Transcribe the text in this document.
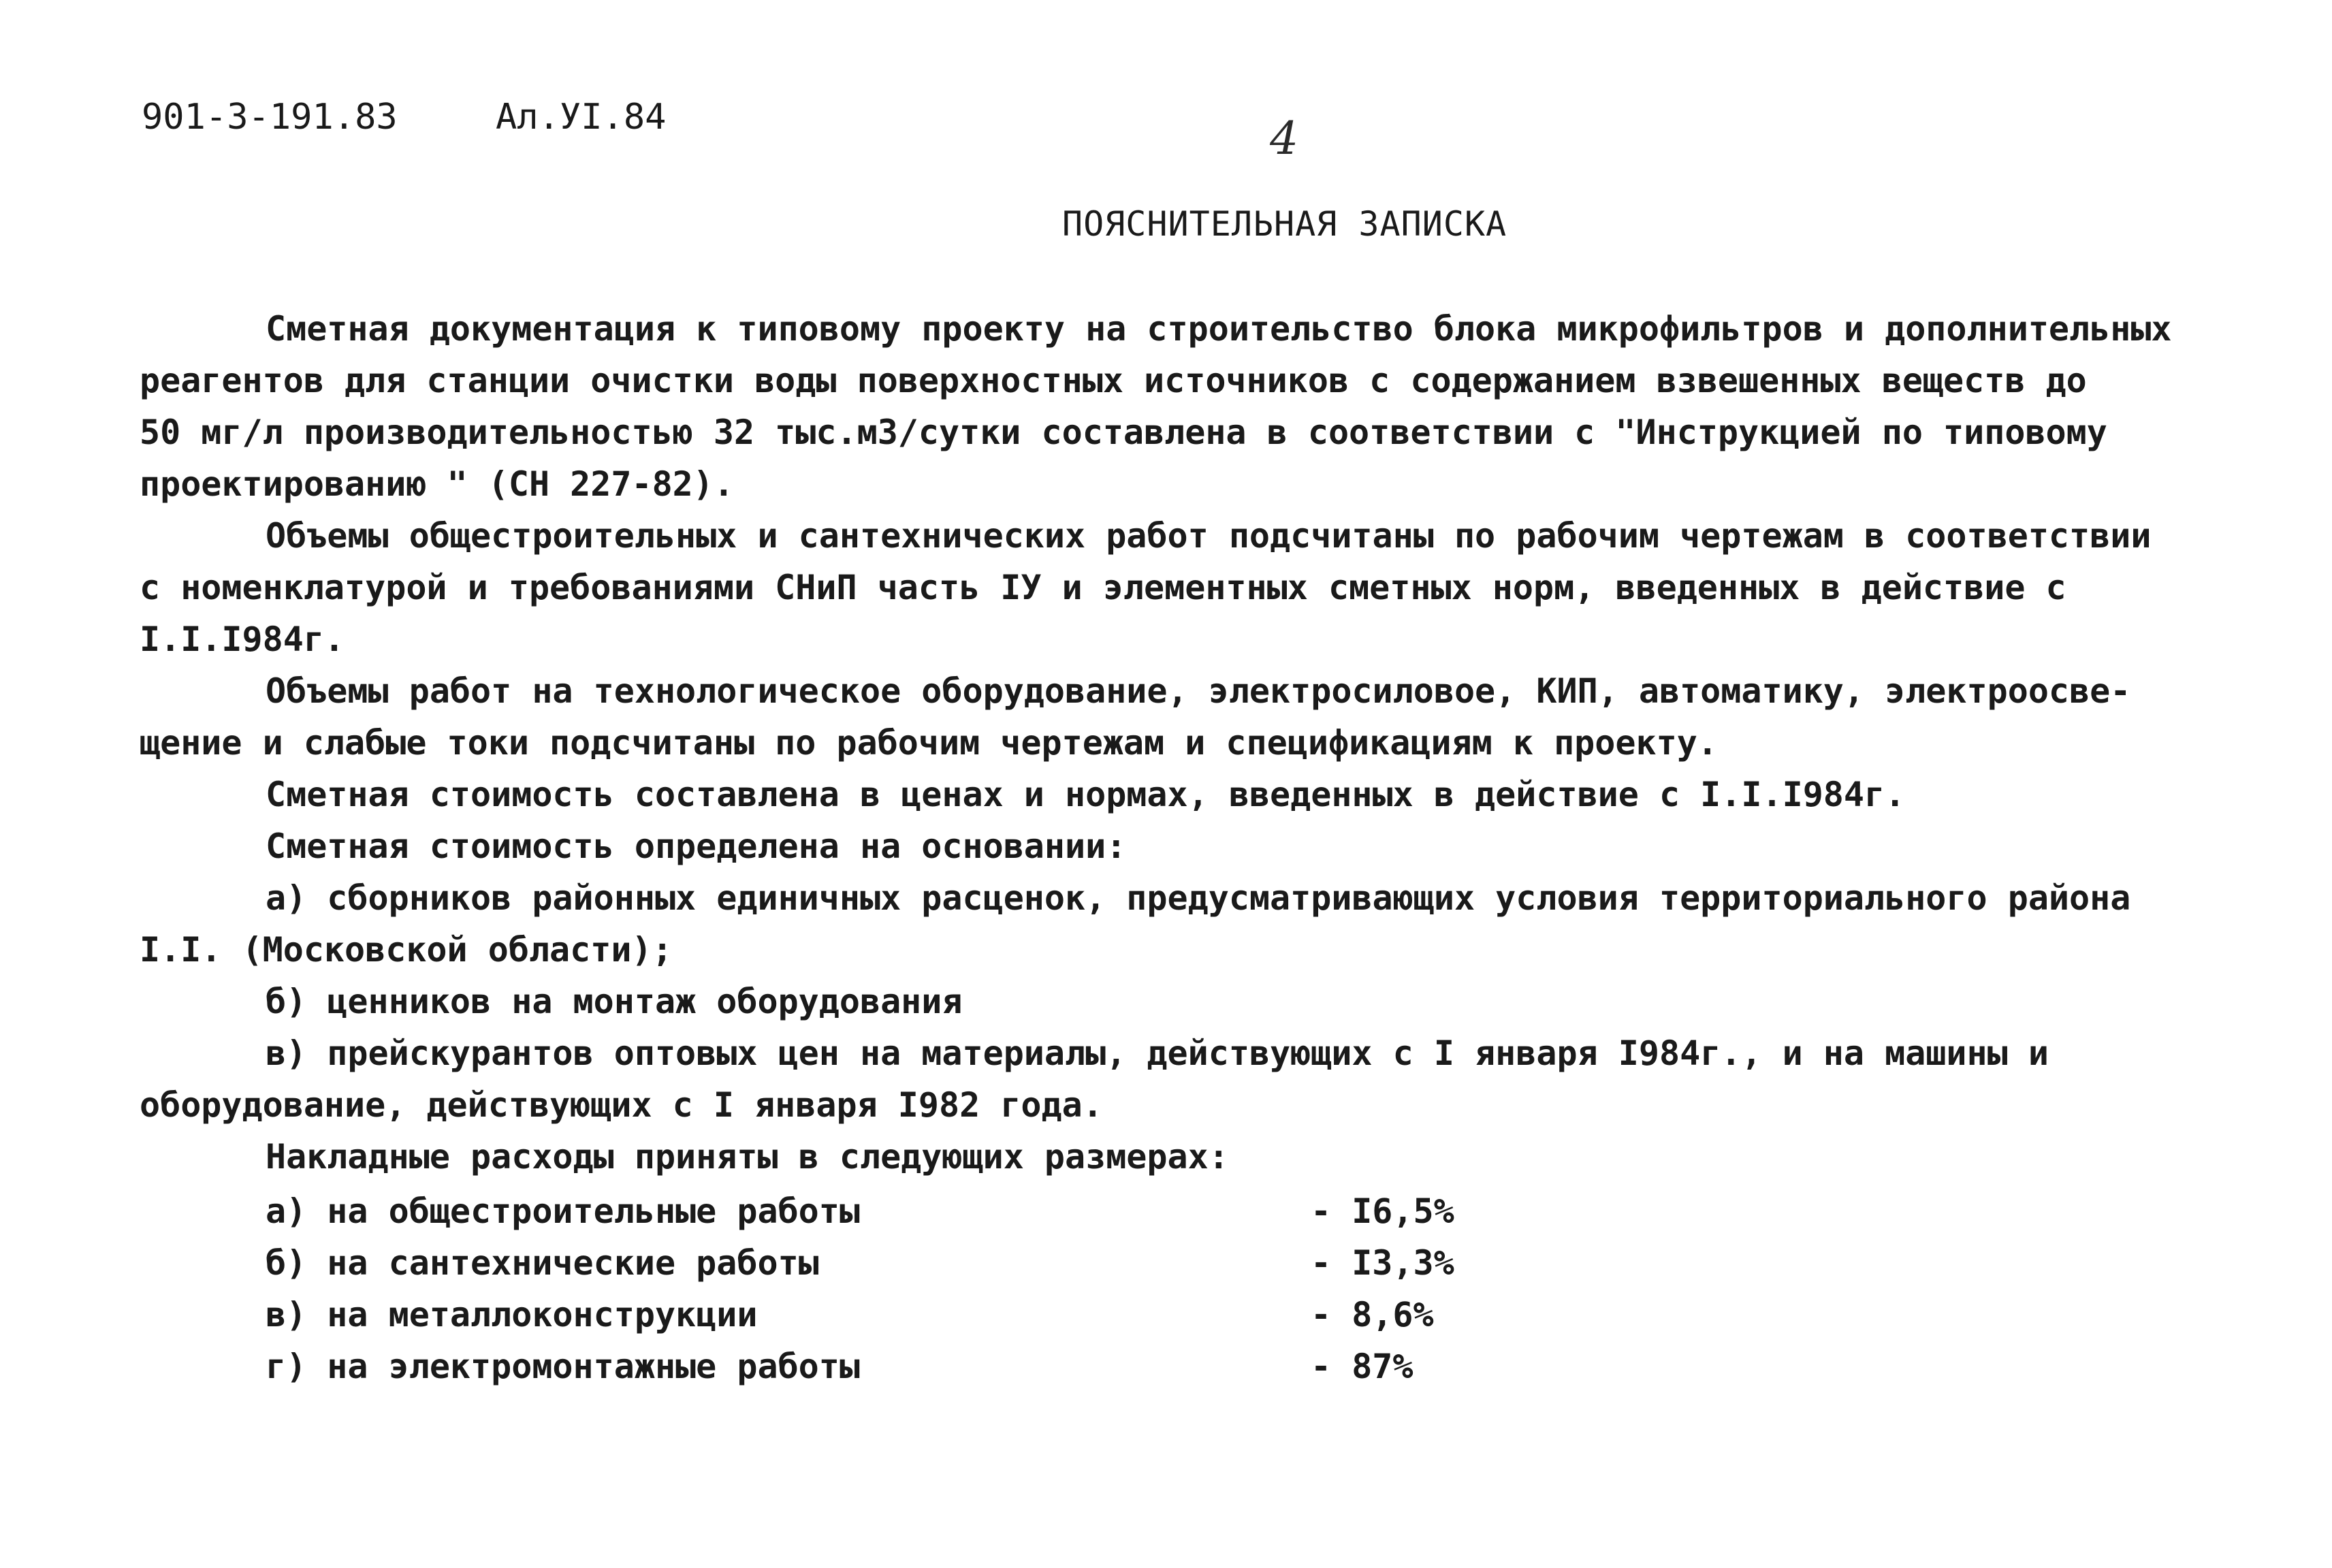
901-3-191.83	Ал.УI.84	4
ПОЯСНИТЕЛЬНАЯ ЗАПИСКА
Сметная документация к типовому проекту на строительство блока микрофильтров и дополнительных
реагентов для станции очистки воды поверхностных источников с содержанием взвешенных веществ до
50 мг/л производительностью 32 тыс.м3/сутки составлена в соответствии с "Инструкцией по типовому
проектированию " (СН 227-82).
Объемы общестроительных и сантехнических работ подсчитаны по рабочим чертежам в соответствии
с номенклатурой и требованиями СНиП часть IУ и элементных сметных норм, введенных в действие с
I.I.I984г.
Объемы работ на технологическое оборудование, электросиловое, КИП, автоматику, электроосве-
щение и слабые токи подсчитаны по рабочим чертежам и спецификациям к проекту.
Сметная стоимость составлена в ценах и нормах, введенных в действие с I.I.I984г.
Сметная стоимость определена на основании:
а) сборников районных единичных расценок, предусматривающих условия территориального района
I.I. (Московской области);
б) ценников на монтаж оборудования
в) прейскурантов оптовых цен на материалы, действующих с I января I984г., и на машины и
оборудование, действующих с I января I982 года.
Накладные расходы приняты в следующих размерах:
а) на общестроительные работы	- I6,5%
б) на сантехнические работы	- I3,3%
в) на металлоконструкции	- 8,6%
г) на электромонтажные работы	- 87%
